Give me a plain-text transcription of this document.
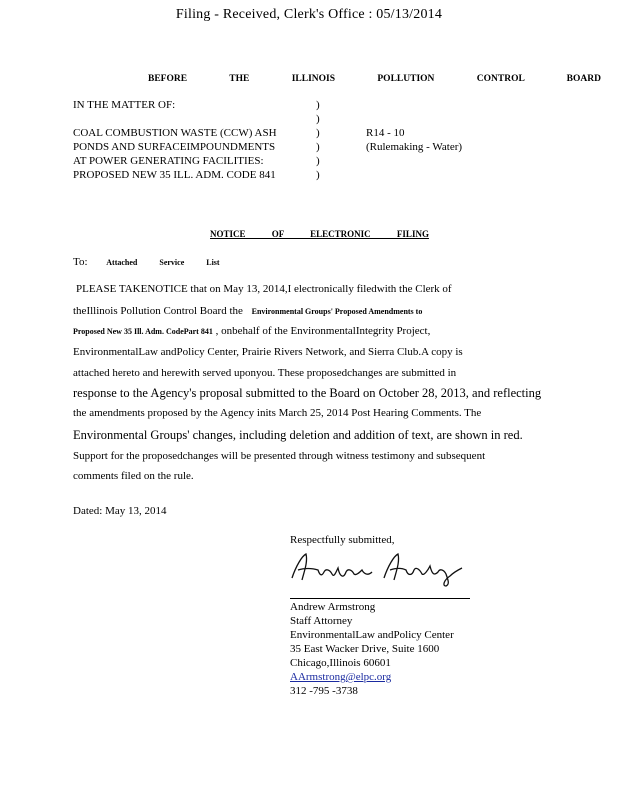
Filing - Received, Clerk's Office : 05/13/2014
BEFORE THE ILLINOIS POLLUTION CONTROL BOARD
IN THE MATTER OF:
COAL COMBUSTION WASTE (CCW) ASH
PONDS AND SURFACEIMPOUNDMENTS
AT POWER GENERATING FACILITIES:
PROPOSED NEW 35 ILL. ADM. CODE 841
)
)
)
)
)
)
R14 - 10
(Rulemaking - Water)
NOTICE OF ELECTRONIC FILING
To: Attached Service List
PLEASE TAKENOTICE that on May 13, 2014,I electronically filedwith the Clerk of
theIllinois Pollution Control Board the Environmental Groups' Proposed Amendments to
Proposed New 35 Ill. Adm. CodePart 841 , onbehalf of the EnvironmentalIntegrity Project,
EnvironmentalLaw andPolicy Center, Prairie Rivers Network, and Sierra Club.A copy is
attached hereto and herewith served uponyou. These proposedchanges are submitted in
response to the Agency's proposal submitted to the Board on October 28, 2013, and reflecting
the amendments proposed by the Agency inits March 25, 2014 Post Hearing Comments. The
Environmental Groups' changes, including deletion and addition of text, are shown in red.
Support for the proposedchanges will be presented through witness testimony and subsequent
comments filed on the rule.
Dated: May 13, 2014
Respectfully submitted,
Andrew Armstrong
Staff Attorney
EnvironmentalLaw andPolicy Center
35 East Wacker Drive, Suite 1600
Chicago,Illinois 60601
AArmstrong@elpc.org
312 -795 -3738
